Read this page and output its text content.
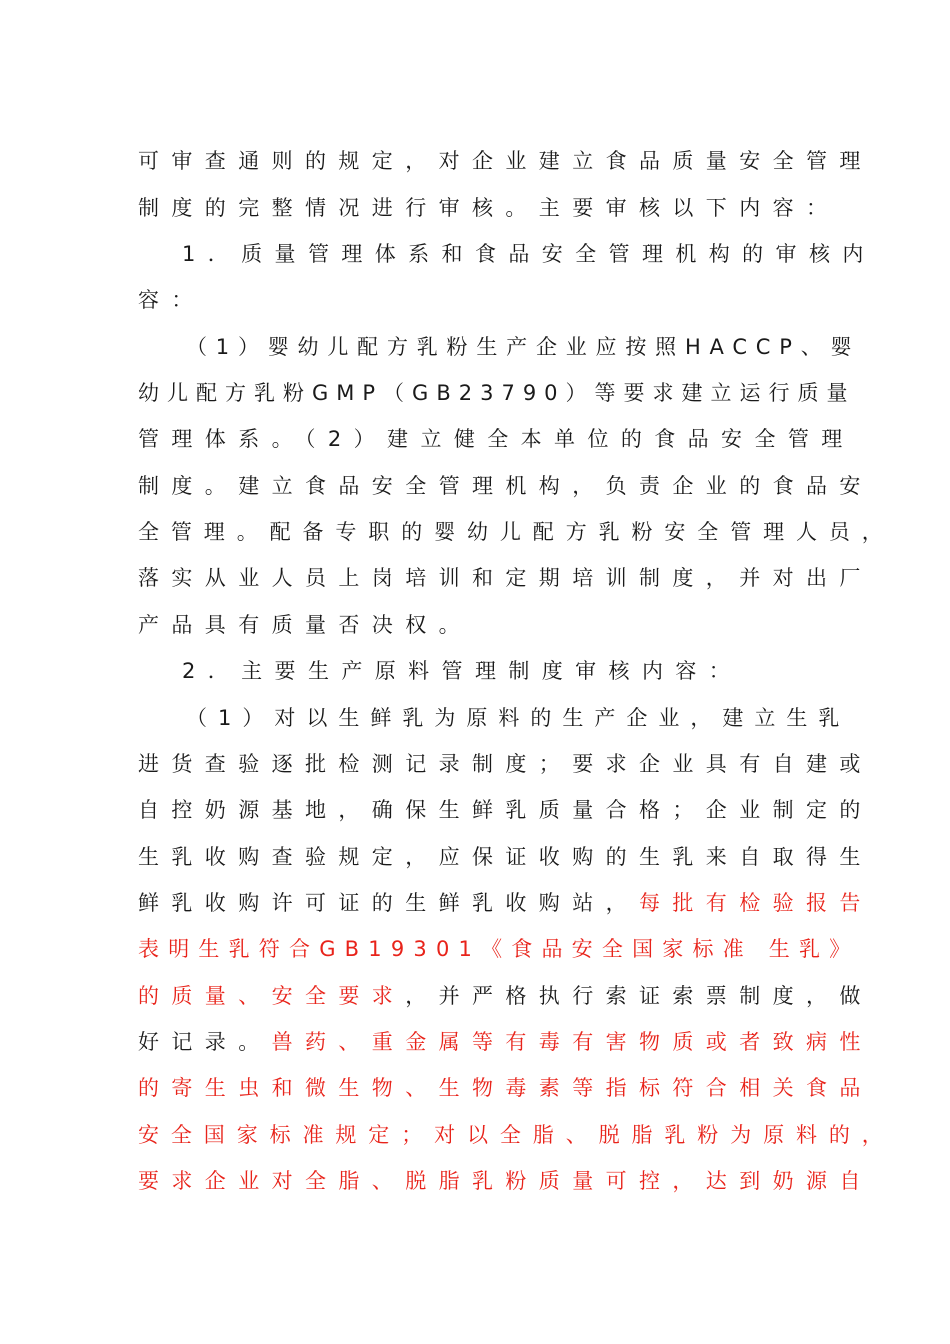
可审查通则的规定，对企业建立食品质量安全管理
制度的完整情况进行审核。主要审核以下内容：
1．质量管理体系和食品安全管理机构的审核内
容：
（1）婴幼儿配方乳粉生产企业应按照HACCP、婴
幼儿配方乳粉GMP（GB23790）等要求建立运行质量
管理体系。（2）建立健全本单位的食品安全管理
制度。建立食品安全管理机构，负责企业的食品安
全管理。配备专职的婴幼儿配方乳粉安全管理人员，
落实从业人员上岗培训和定期培训制度，并对出厂
产品具有质量否决权。
2．主要生产原料管理制度审核内容：
（1）对以生鲜乳为原料的生产企业，建立生乳
进货查验逐批检测记录制度；要求企业具有自建或
自控奶源基地，确保生鲜乳质量合格；企业制定的
生乳收购查验规定，应保证收购的生乳来自取得生
鲜乳收购许可证的生鲜乳收购站，每批有检验报告
表明生乳符合GB19301《食品安全国家标准 生乳》
的质量、安全要求，并严格执行索证索票制度，做
好记录。兽药、重金属等有毒有害物质或者致病性
的寄生虫和微生物、生物毒素等指标符合相关食品
安全国家标准规定；对以全脂、脱脂乳粉为原料的，
要求企业对全脂、脱脂乳粉质量可控，达到奶源自
